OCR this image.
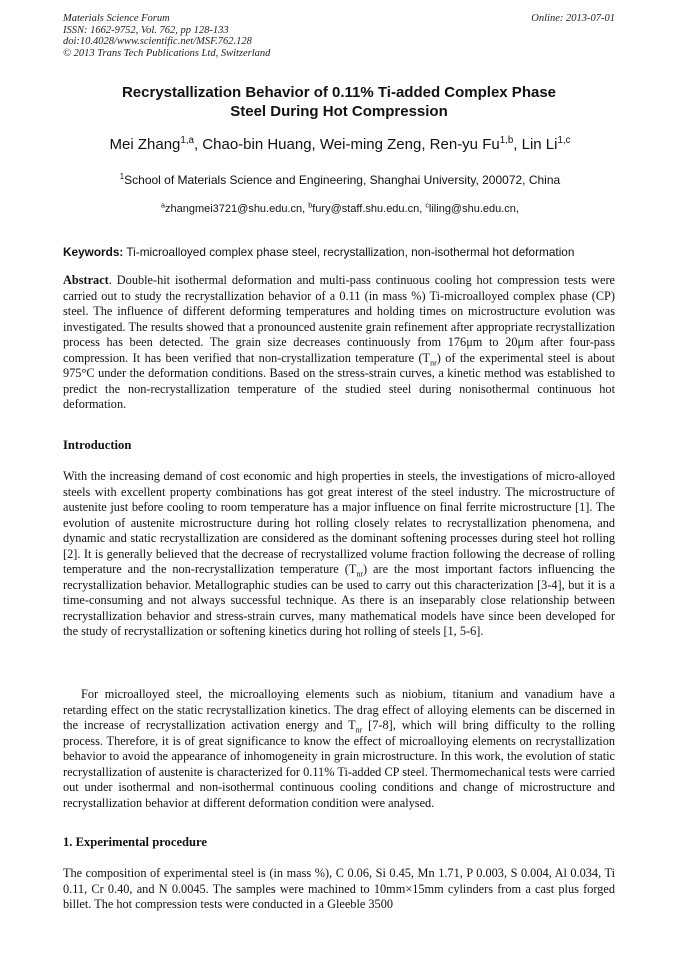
Materials Science Forum
ISSN: 1662-9752, Vol. 762, pp 128-133
doi:10.4028/www.scientific.net/MSF.762.128
© 2013 Trans Tech Publications Ltd, Switzerland
Online: 2013-07-01
Recrystallization Behavior of 0.11% Ti-added Complex Phase
Steel During Hot Compression
Mei Zhang$^{1,a}$, Chao-bin Huang, Wei-ming Zeng, Ren-yu Fu$^{1,b}$, Lin Li$^{1,c}$
$^1$School of Materials Science and Engineering, Shanghai University, 200072, China
$^a$zhangmei3721@shu.edu.cn, $^b$fury@staff.shu.edu.cn, $^c$liling@shu.edu.cn,
Keywords: Ti-microalloyed complex phase steel, recrystallization, non-isothermal hot deformation
Abstract. Double-hit isothermal deformation and multi-pass continuous cooling hot compression tests were carried out to study the recrystallization behavior of a 0.11 (in mass %) Ti-microalloyed complex phase (CP) steel. The influence of different deforming temperatures and holding times on microstructure evolution was investigated. The results showed that a pronounced austenite grain refinement after appropriate recrystallization process has been detected. The grain size decreases continuously from 176μm to 20μm after four-pass compression. It has been verified that non-crystallization temperature $(T_{nr})$ of the experimental steel is about 975°C under the deformation conditions. Based on the stress-strain curves, a kinetic method was established to predict the non-recrystallization temperature of the studied steel during nonisothermal continuous hot deformation.
Introduction
With the increasing demand of cost economic and high properties in steels, the investigations of micro-alloyed steels with excellent property combinations has got great interest of the steel industry. The microstructure of austenite just before cooling to room temperature has a major influence on final ferrite microstructure [1]. The evolution of austenite microstructure during hot rolling closely relates to recrystallization phenomena, and dynamic and static recrystallization are considered as the dominant softening processes during steel hot rolling [2]. It is generally believed that the decrease of recrystallized volume fraction following the decrease of rolling temperature and the non-recrystallization temperature $(T_{nr})$ are the most important factors influencing the recrystallization behavior. Metallographic studies can be used to carry out this characterization [3-4], but it is a time-consuming and not always successful technique. As there is an inseparably close relationship between recrystallization behavior and stress-strain curves, many mathematical models have since been developed for the study of recrystallization or softening kinetics during hot rolling of steels [1, 5-6].
For microalloyed steel, the microalloying elements such as niobium, titanium and vanadium have a retarding effect on the static recrystallization kinetics. The drag effect of alloying elements can be discerned in the increase of recrystallization activation energy and $T_{nr}$ [7-8], which will bring difficulty to the rolling process. Therefore, it is of great significance to know the effect of microalloying elements on recrystallization behavior to avoid the appearance of inhomogeneity in grain microstructure. In this work, the evolution of static recrystallization of austenite is characterized for 0.11% Ti-added CP steel. Thermomechanical tests were carried out under isothermal and non-isothermal continuous cooling conditions and change of microstructure and recrystallization behavior at different deformation condition were analysed.
1. Experimental procedure
The composition of experimental steel is (in mass %), C 0.06, Si 0.45, Mn 1.71, P 0.003, S 0.004, Al 0.034, Ti 0.11, Cr 0.40, and N 0.0045. The samples were machined to 10mm×15mm cylinders from a cast plus forged billet. The hot compression tests were conducted in a Gleeble 3500
